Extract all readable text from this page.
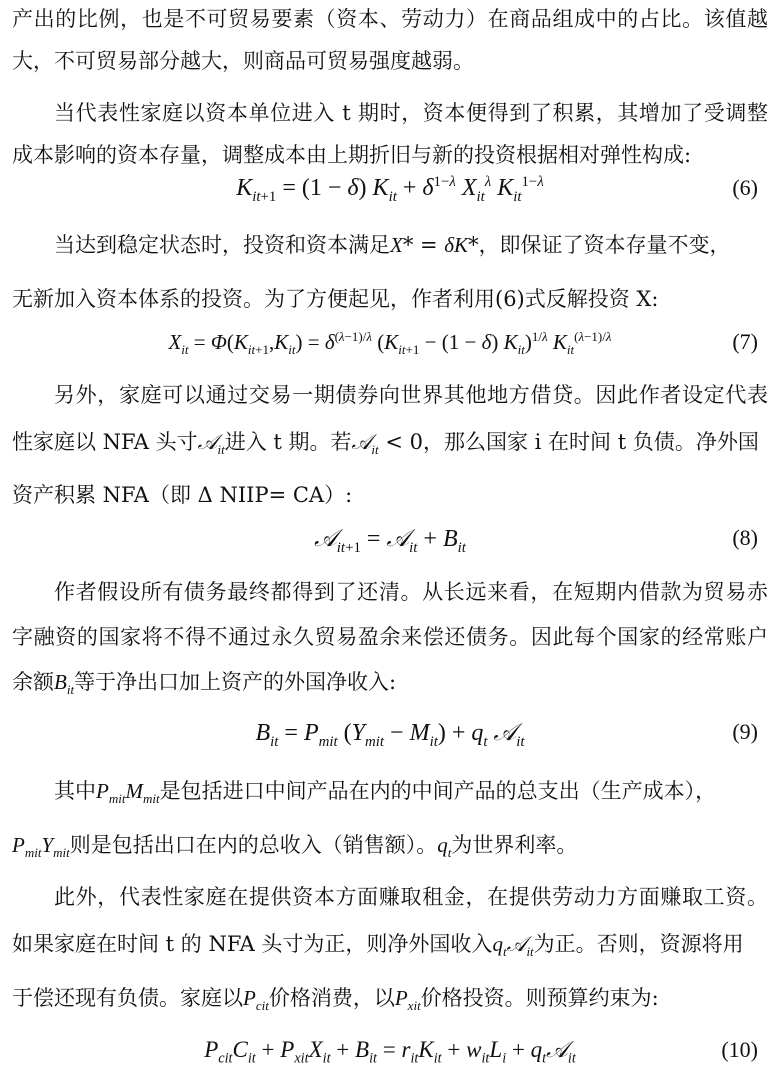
产出的比例，也是不可贸易要素（资本、劳动力）在商品组成中的占比。该值越
大，不可贸易部分越大，则商品可贸易强度越弱。
当代表性家庭以资本单位进入 t 期时，资本便得到了积累，其增加了受调整
成本影响的资本存量，调整成本由上期折旧与新的投资根据相对弹性构成:
$K_{it+1} = (1 - \delta) K_{it} + \delta^{1-\lambda}$ $X_{it}^\lambda$ $K_{it}^{1-\lambda}$	(6)
当达到稳定状态时，投资和资本满足X* = δK*，即保证了资本存量不变，
无新加入资本体系的投资。为了方便起见，作者利用(6)式反解投资 X:
$X_{it} = \Phi(K_{it+1},K_{it}) = \delta^{(\lambda-1)/\lambda}$ ($K_{it+1} - (1 - \delta)$ $K_{it})^{1/\lambda}$ $K_{it}^{(\lambda-1)/\lambda}$	(7)
另外，家庭可以通过交易一期债券向世界其他地方借贷。因此作者设定代表
性家庭以 NFA 头寸𝒜$_{it}$进入 t 期。若𝒜$_{it}$ < 0，那么国家 i 在时间 t 负债。净外国
资产积累 NFA（即 Δ NIIP= CA）:
𝒜$_{it+1}$ = 𝒜$_{it}$ + $B_{it}$	(8)
作者假设所有债务最终都得到了还清。从长远来看，在短期内借款为贸易赤
字融资的国家将不得不通过永久贸易盈余来偿还债务。因此每个国家的经常账户
余额$B_{it}$等于净出口加上资产的外国净收入:
$B_{it} = P_{mit}$ $(Y_{mit} - M_{it}) + q_t$ 𝒜$_{it}$	(9)
其中$P_{mit}M_{mit}$是包括进口中间产品在内的中间产品的总支出（生产成本），
$P_{mit}Y_{mit}$则是包括出口在内的总收入（销售额）。$q_t$为世界利率。
此外，代表性家庭在提供资本方面赚取租金，在提供劳动力方面赚取工资。
如果家庭在时间 t 的 NFA 头寸为正，则净外国收入$q_t𝒜_{it}$为正。否则，资源将用
于偿还现有负债。家庭以$P_{cit}$价格消费，以$P_{xit}$价格投资。则预算约束为:
$P_{cit}C_{it} + P_{xit}X_{it} + B_{it} = r_{it}K_{it} + w_{it}L_i$ + $q_t𝒜_{it}$	(10)
